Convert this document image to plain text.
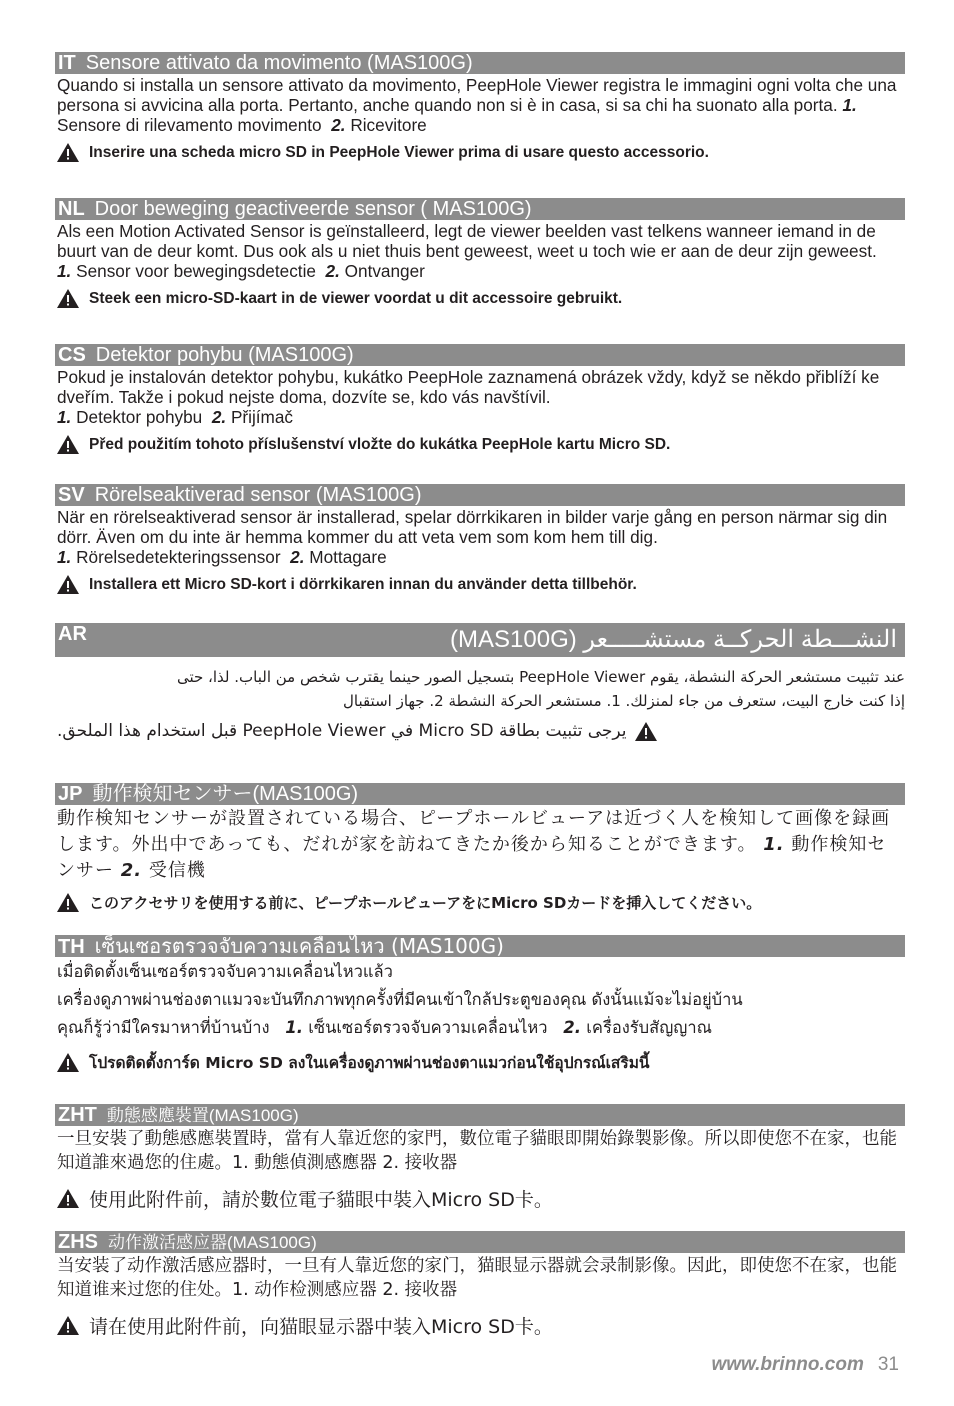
IT Sensore attivato da movimento (MAS100G)
Quando si installa un sensore attivato da movimento, PeepHole Viewer registra le immagini ogni volta che una persona si avvicina alla porta. Pertanto, anche quando non si è in casa, si sa chi ha suonato alla porta. 1. Sensore di rilevamento movimento 2. Ricevitore
Inserire una scheda micro SD in PeepHole Viewer prima di usare questo accessorio.
NL Door beweging geactiveerde sensor ( MAS100G)
Als een Motion Activated Sensor is geïnstalleerd, legt de viewer beelden vast telkens wanneer iemand in de buurt van de deur komt. Dus ook als u niet thuis bent geweest, weet u toch wie er aan de deur zijn geweest.   1. Sensor voor bewegingsdetectie 2. Ontvanger
Steek een micro-SD-kaart in de viewer voordat u dit accessoire gebruikt.
CS Detektor pohybu (MAS100G)
Pokud je instalován detektor pohybu, kukátko PeepHole zaznamená obrázek vždy, když se někdo přiblíží ke dveřím. Takže i pokud nejste doma, dozvíte se, kdo vás navštívil.
1. Detektor pohybu 2. Přijímač
Před použitím tohoto příslušenství vložte do kukátka PeepHole kartu Micro SD.
SV Rörelseaktiverad sensor (MAS100G)
När en rörelseaktiverad sensor är installerad, spelar dörrkikaren in bilder varje gång en person närmar sig din dörr. Även om du inte är hemma kommer du att veta vem som kom hem till dig.
1. Rörelsedetekteringssensor 2. Mottagare
Installera ett Micro SD-kort i dörrkikaren innan du använder detta tillbehör.
AR	النشـــطة الحركــة مستشـــــعر (MAS100G)
عند تثبيت مستشعر الحركة النشطة، يقوم PeepHole Viewer بتسجيل الصور حينما يقترب شخص من الباب. لذا، حتى
إذا كنت خارج البيت، ستعرف من جاء لمنزلك. 1. مستشعر الحركة النشطة 2. جهاز استقبال
يرجى تثبيت بطاقة Micro SD في PeepHole Viewer قبل استخدام هذا الملحق.
JP 動作検知センサー(MAS100G)
動作検知センサーが設置されている場合、ピープホールビューアは近づく人を検知して画像を録画します。外出中であっても、だれが家を訪ねてきたか後から知ることができます。 1. 動作検知センサー 2. 受信機
このアクセサリを使用する前に、ピープホールビューアをにMicro SDカードを挿入してください。
TH เซ็นเซอรตรวจจับความเคลื่อนไหว (MAS100G)
เมื่อติดตั้งเซ็นเซอร์ตรวจจับความเคลื่อนไหวแล้ว
เครื่องดูภาพผ่านช่องตาแมวจะบันทึกภาพทุกครั้งที่มีคนเข้าใกล้ประตูของคุณ ดังนั้นแม้จะไม่อยู่บ้าน
คุณก็รู้ว่ามีใครมาหาที่บ้านบ้าง 1. เซ็นเซอร์ตรวจจับความเคลื่อนไหว 2. เครื่องรับสัญญาณ
โปรดติดตั้งการ์ด Micro SD ลงในเครื่องดูภาพผ่านช่องตาแมวก่อนใช้อุปกรณ์เสริมนี้
ZHT 動態感應裝置(MAS100G)
一旦安裝了動態感應裝置時，當有人靠近您的家門，數位電子貓眼即開始錄製影像。所以即使您不在家，也能知道誰來過您的住處。1. 動態偵測感應器 2. 接收器
使用此附件前，請於數位電子貓眼中裝入Micro SD卡。
ZHS 动作激活感应器(MAS100G)
当安装了动作激活感应器时，一旦有人靠近您的家门，猫眼显示器就会录制影像。因此，即使您不在家，也能知道谁来过您的住处。1. 动作检测感应器 2. 接收器
请在使用此附件前，向猫眼显示器中装入Micro SD卡。
www.brinno.com 31
